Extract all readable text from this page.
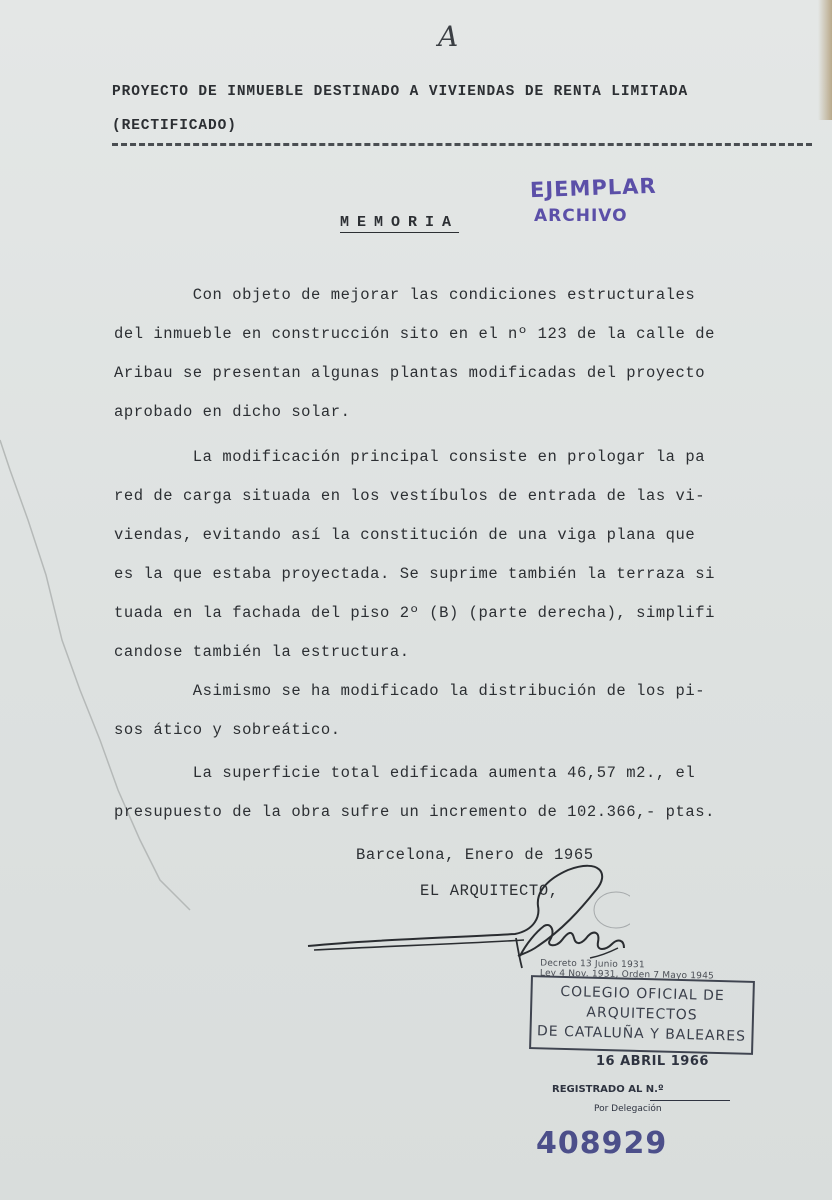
A
PROYECTO DE INMUEBLE DESTINADO A VIVIENDAS DE RENTA LIMITADA
(RECTIFICADO)
MEMORIA
EJEMPLAR
ARCHIVO
Con objeto de mejorar las condiciones estructurales
del inmueble en construcción sito en el nº 123 de la calle de
Aribau se presentan algunas plantas modificadas del proyecto
aprobado en dicho solar.
La modificación principal consiste en prologar la pa
red de carga situada en los vestíbulos de entrada de las vi-
viendas, evitando así la constitución de una viga plana que
es la que estaba proyectada. Se suprime también la terraza si
tuada en la fachada del piso 2º (B) (parte derecha), simplifi
candose también la estructura.
Asimismo se ha modificado la distribución de los pi-
sos ático y sobreático.
La superficie total edificada aumenta 46,57 m2., el
presupuesto de la obra sufre un incremento de 102.366,- ptas.
Barcelona, Enero de 1965
EL ARQUITECTO,
Decreto 13 Junio 1931
Ley 4 Nov. 1931, Orden 7 Mayo 1945
COLEGIO OFICIAL DE
ARQUITECTOS
DE CATALUÑA Y BALEARES
16 ABRIL 1966
REGISTRADO AL N.º
Por Delegación
408929
